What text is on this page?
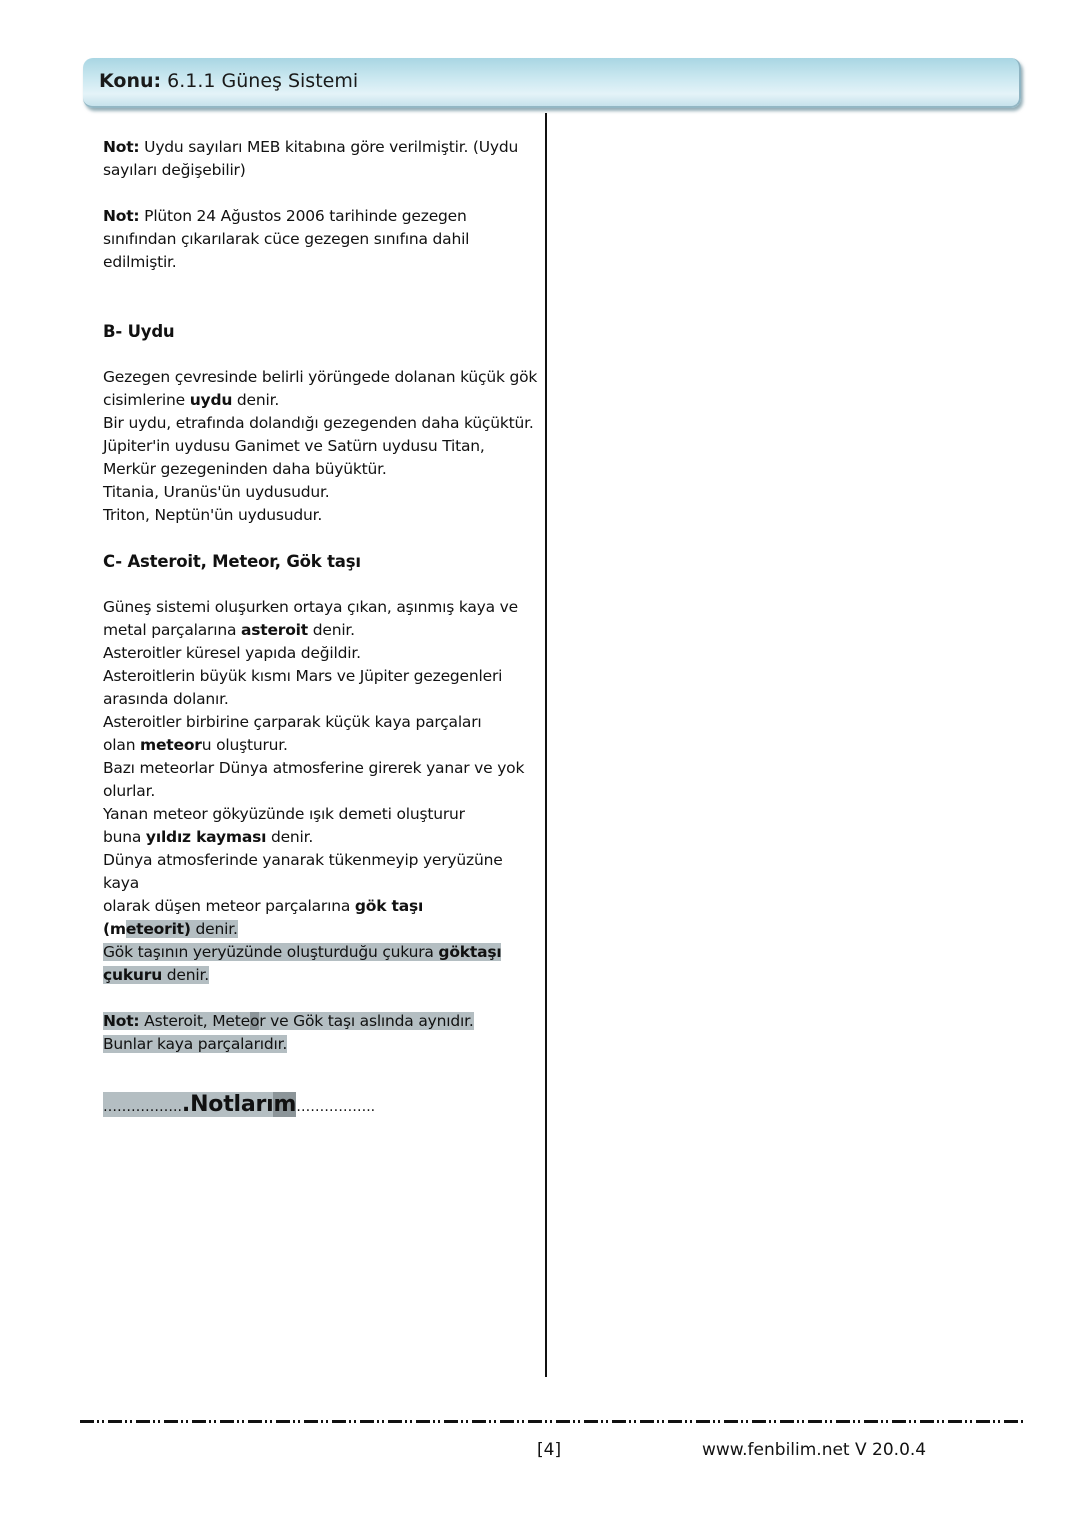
Konu: 6.1.1 Güneş Sistemi

Not: Uydu sayıları MEB kitabına göre verilmiştir. (Uydu sayıları değişebilir)

Not: Plüton 24 Ağustos 2006 tarihinde gezegen sınıfından çıkarılarak cüce gezegen sınıfına dahil edilmiştir.

B- Uydu

Gezegen çevresinde belirli yörüngede dolanan küçük gök

cisimlerine uydu denir.

Bir uydu, etrafında dolandığı gezegenden daha küçüktür.

Jüpiter'in uydusu Ganimet ve Satürn uydusu Titan,

Merkür gezegeninden daha büyüktür.

Titania, Uranüs'ün uydusudur.

Triton, Neptün'ün uydusudur.

C- Asteroit, Meteor, Gök taşı

Güneş sistemi oluşurken ortaya çıkan, aşınmış kaya ve

metal parçalarına asteroit denir.

Asteroitler küresel yapıda değildir.

Asteroitlerin büyük kısmı Mars ve Jüpiter gezegenleri

arasında dolanır.

Asteroitler birbirine çarparak küçük kaya parçaları

olan meteoru oluşturur.

Bazı meteorlar Dünya atmosferine girerek yanar ve yok

olurlar.

Yanan meteor gökyüzünde ışık demeti oluşturur

buna yıldız kayması denir.

Dünya atmosferinde yanarak tükenmeyip yeryüzüne kaya

olarak düşen meteor parçalarına gök taşı

(meteorit) denir.

Gök taşının yeryüzünde oluşturduğu çukura göktaşı

çukuru denir.

Not: Asteroit, Meteor ve Gök taşı aslında aynıdır.

Bunlar kaya parçalarıdır.

……………...Notlarım……………..

[4]	www.fenbilim.net V 20.0.4
